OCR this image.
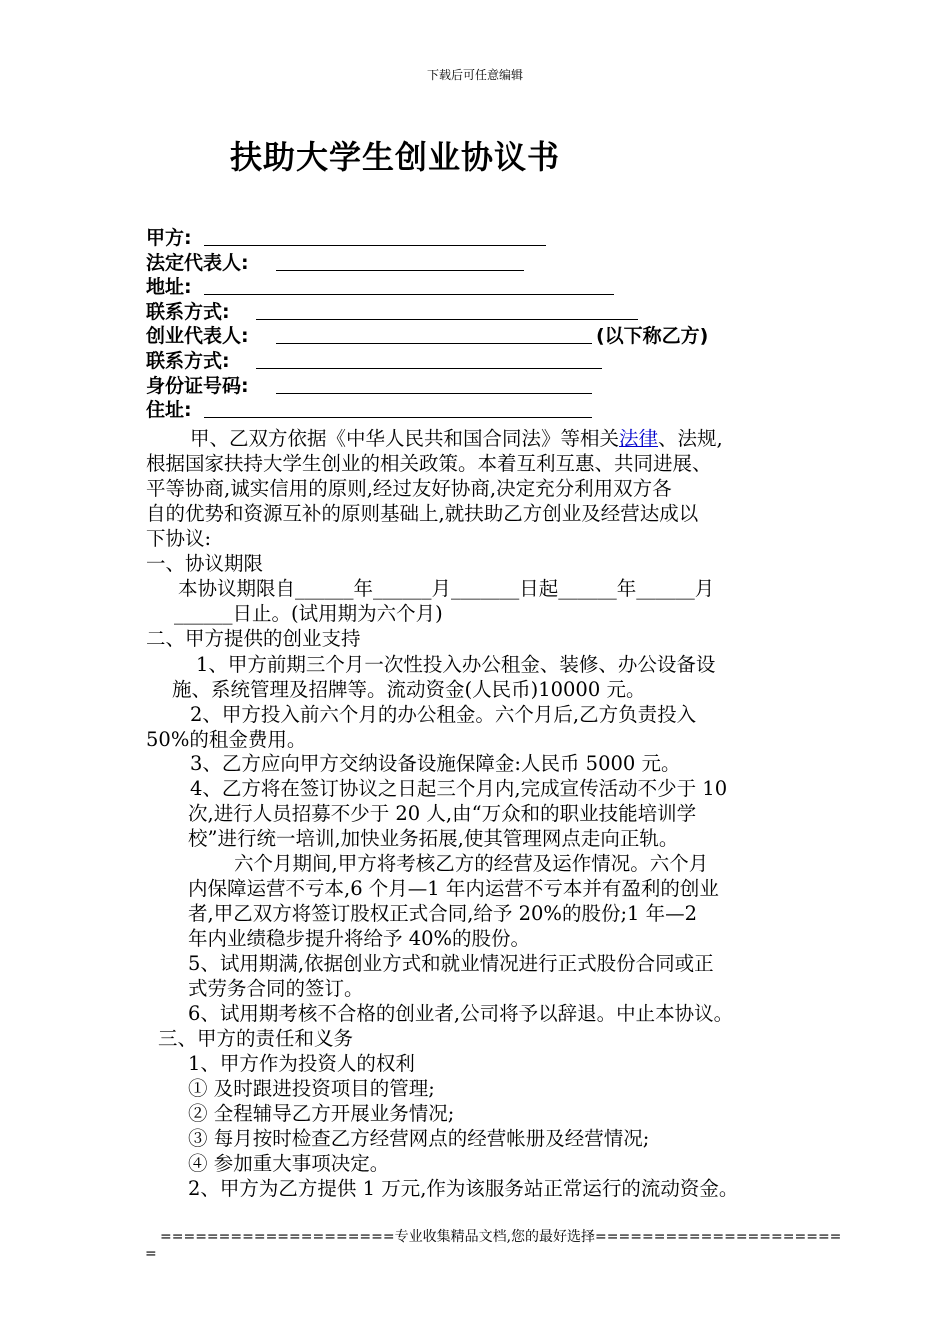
下载后可任意编辑
扶助大学生创业协议书
甲方:
法定代表人:
地址:
联系方式:
创业代表人:	(以下称乙方)
联系方式:
身份证号码:
住址:
甲、乙双方依据《中华人民共和国合同法》等相关法律、法规,
根据国家扶持大学生创业的相关政策。本着互利互惠、共同进展、
平等协商,诚实信用的原则,经过友好协商,决定充分利用双方各
自的优势和资源互补的原则基础上,就扶助乙方创业及经营达成以
下协议:
一、协议期限
本协议期限自______年______月_______日起______年______月
______日止。(试用期为六个月)
二、甲方提供的创业支持
1、甲方前期三个月一次性投入办公租金、装修、办公设备设
施、系统管理及招牌等。流动资金(人民币)10000 元。
2、甲方投入前六个月的办公租金。六个月后,乙方负责投入
50%的租金费用。
3、乙方应向甲方交纳设备设施保障金:人民币 5000 元。
4、乙方将在签订协议之日起三个月内,完成宣传活动不少于 10
次,进行人员招募不少于 20 人,由“万众和的职业技能培训学
校”进行统一培训,加快业务拓展,使其管理网点走向正轨。
六个月期间,甲方将考核乙方的经营及运作情况。六个月
内保障运营不亏本,6 个月—1 年内运营不亏本并有盈利的创业
者,甲乙双方将签订股权正式合同,给予 20%的股份;1 年—2
年内业绩稳步提升将给予 40%的股份。
5、试用期满,依据创业方式和就业情况进行正式股份合同或正
式劳务合同的签订。
6、试用期考核不合格的创业者,公司将予以辞退。中止本协议。
三、甲方的责任和义务
1、甲方作为投资人的权利
① 及时跟进投资项目的管理;
② 全程辅导乙方开展业务情况;
③ 每月按时检查乙方经营网点的经营帐册及经营情况;
④ 参加重大事项决定。
2、甲方为乙方提供 1 万元,作为该服务站正常运行的流动资金。
====================专业收集精品文档,您的最好选择=====================
=
